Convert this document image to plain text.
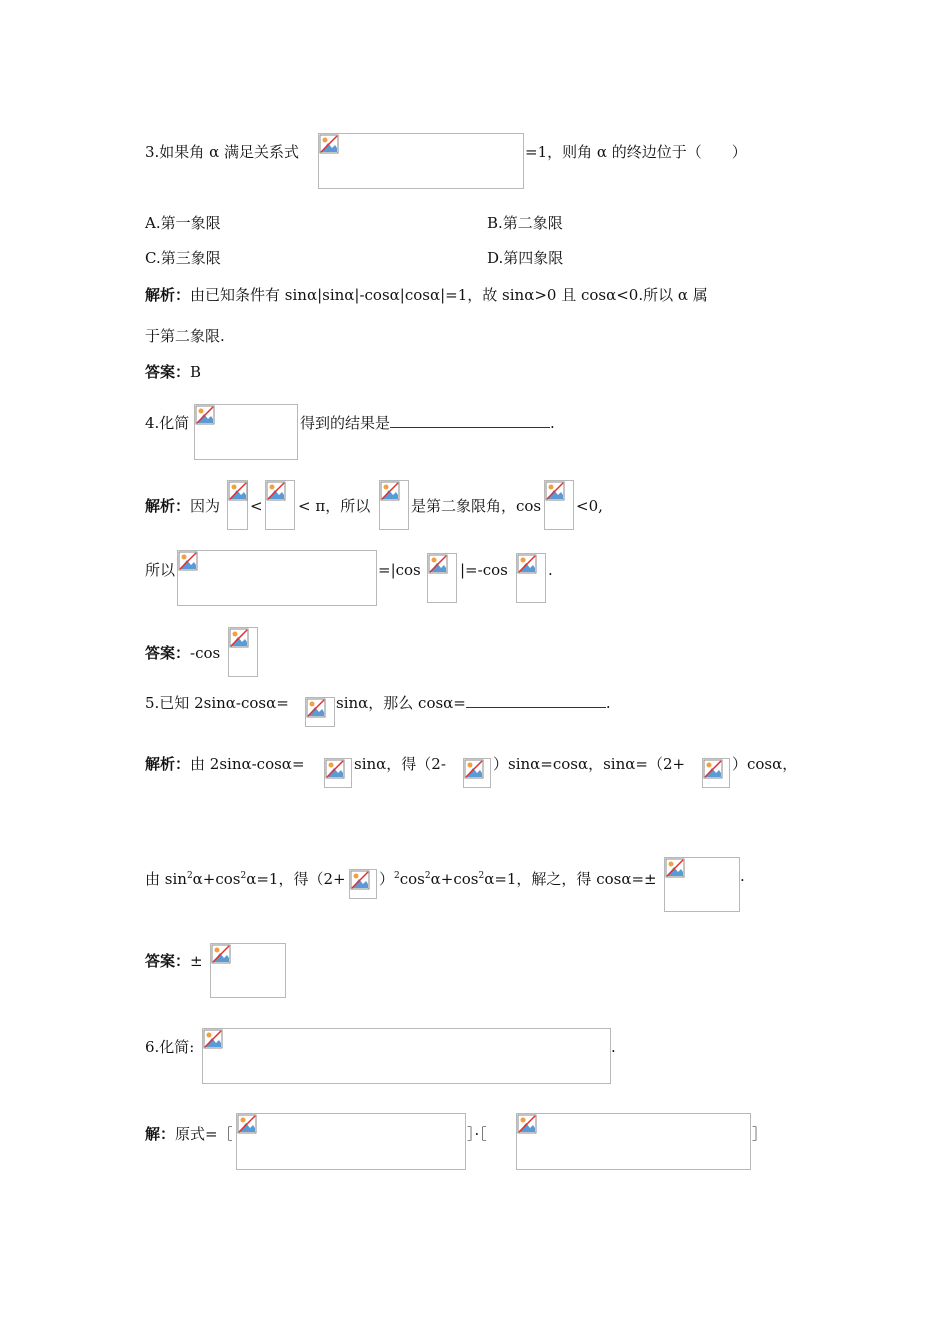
3.如果角 α 满足关系式	=1，则角 α 的终边位于（　　）
A.第一象限	B.第二象限
C.第三象限	D.第四象限
解析：由已知条件有 sinα|sinα|-cosα|cosα|=1，故 sinα>0 且 cosα<0.所以 α 属
于第二象限.
答案：B
4.化简	得到的结果是	.
解析：因为 < < π，所以	是第二象限角，cos <0,
所以	=|cos	|=-cos	.
答案：-cos
5.已知 2sinα-cosα=	sinα，那么 cosα=	.
解析：由 2sinα-cosα=	sinα，得（2-	）sinα=cosα，sinα=（2+	）cosα，
由 $\sin^2\alpha+\cos^2\alpha=1$，得$(2+ )^2\cos^2\alpha+\cos^2\alpha=1$，解之，得 cosα=±	.
答案：±
6.化简:	.
解：原式=［	］·［	］
